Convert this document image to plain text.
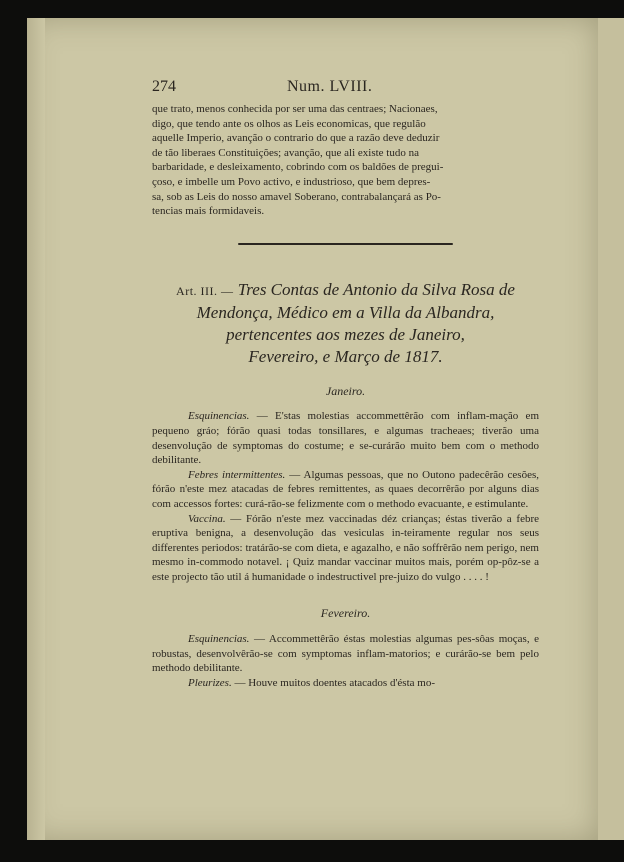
274	Num. LVIII.
que trato, menos conhecida por ser uma das centraes; Nacionaes,
digo, que tendo ante os olhos as Leis economicas, que regulão
aquelle Imperio, avanção o contrario do que a razão deve deduzir
de tão liberaes Constituições; avanção, que ali existe tudo na
barbaridade, e desleixamento, cobrindo com os baldões de pregui-
çoso, e imbelle um Povo activo, e industrioso, que bem depres-
sa, sob as Leis do nosso amavel Soberano, contrabalançará as Po-
tencias mais formidaveis.
Art. III. — Tres Contas de Antonio da Silva Rosa de
Mendonça, Médico em a Villa da Albandra,
pertencentes aos mezes de Janeiro,
Fevereiro, e Março de 1817.
Janeiro.

Esquinencias. — E'stas molestias accommettêrão com inflam-mação em pequeno gráo; fórão quasi todas tonsillares, e algumas tracheaes; tiverão uma desenvolução de symptomas do costume; e se-curárão muito bem com o methodo debilitante.

Febres intermittentes. — Algumas pessoas, que no Outono padecêrão cesões, fórão n'este mez atacadas de febres remittentes, as quaes decorrêrão por alguns dias com accessos fortes: curá-rão-se felizmente com o methodo evacuante, e estimulante.

Vaccina. — Fórão n'este mez vaccinadas déz crianças; éstas tiverão a febre eruptiva benigna, a desenvolução das vesiculas in-teiramente regular nos seus differentes periodos: tratárão-se com dieta, e agazalho, e não soffrêrão nem perigo, nem mesmo in-commodo notavel. ¡ Quiz mandar vaccinar muitos mais, porém op-pôz-se a este projecto tão util á humanidade o indestructivel pre-juizo do vulgo . . . . !

Fevereiro.

Esquinencias. — Accommettêrão éstas molestias algumas pes-sôas moças, e robustas, desenvolvêrão-se com symptomas inflam-matorios; e curárão-se bem pelo methodo debilitante.

Pleurizes. — Houve muitos doentes atacados d'ésta mo-
